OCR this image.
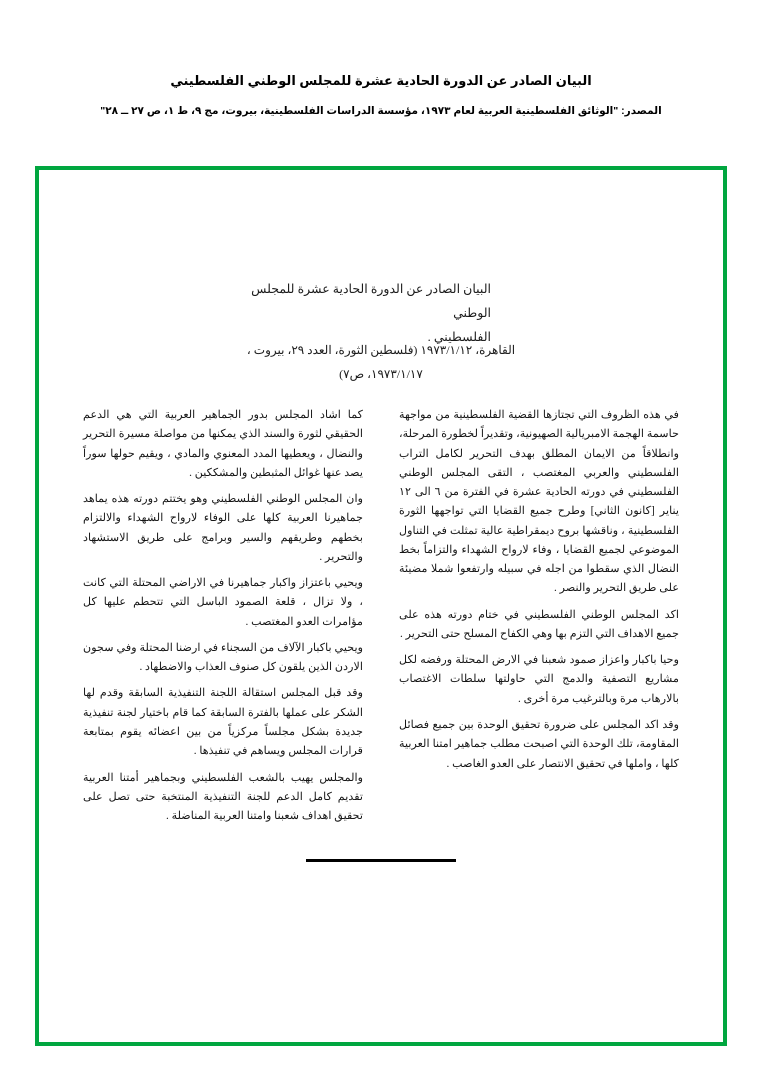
البيان الصادر عن الدورة الحادية عشرة للمجلس الوطني الفلسطيني
المصدر: "الوثائق الفلسطينية العربية لعام ١٩٧٣، مؤسسة الدراسات الفلسطينية، بيروت، مج ٩، ط ١، ص ٢٧ ــ ٢٨"
البيان الصادر عن الدورة الحادية عشرة للمجلس الوطني
الفلسطيني .
القاهرة، ١٩٧٣/١/١٢ (فلسطين الثورة، العدد ٢٩، بيروت ،
١٩٧٣/١/١٧، ص٧)

في هذه الظروف التي تجتازها القضية الفلسطينية من مواجهة حاسمة الهجمة الامبريالية الصهيونية، وتقديراً لخطورة المرحلة، وانطلاقاً من الايمان المطلق بهدف التحرير لكامل التراب الفلسطيني والعربي المغتصب ، التقى المجلس الوطني الفلسطيني في دورته الحادية عشرة في الفترة من ٦ الى ١٢ يناير [كانون الثاني] وطرح جميع القضايا التي تواجهها الثورة الفلسطينية ، وناقشها بروح ديمقراطية عالية تمثلت في التناول الموضوعي لجميع القضايا ، وفاء لارواح الشهداء والتزاماً بخط النضال الذي سقطوا من اجله في سبيله وارتفعوا شملا مضيئة على طريق التحرير والنصر .

اكد المجلس الوطني الفلسطيني في ختام دورته هذه على جميع الاهداف التي التزم بها وهي الكفاح المسلح حتى التحرير .

وحيا باكبار واعزاز صمود شعبنا في الارض المحتلة ورفضه لكل مشاريع التصفية والدمج التي حاولتها سلطات الاغتصاب بالارهاب مرة وبالترغيب مرة أخرى .

وقد اكد المجلس على ضرورة تحقيق الوحدة بين جميع فصائل المقاومة، تلك الوحدة التي اصبحت مطلب جماهير امتنا العربية كلها ، واملها في تحقيق الانتصار على العدو الغاصب .

كما اشاد المجلس بدور الجماهير العربية التي هي الدعم الحقيقي لثورة والسند الذي يمكنها من مواصلة مسيرة التحرير والنضال ، ويعطيها المدد المعنوي والمادي ، ويقيم حولها سوراً يصد عنها غوائل المثبطين والمشككين .

وان المجلس الوطني الفلسطيني وهو يختتم دورته هذه يماهد جماهيرنا العربية كلها على الوفاء لارواح الشهداء والالتزام بخطهم وطريقهم والسير وبرامج على طريق الاستشهاد والتحرير .

ويحيي باعتزاز واكبار جماهيرنا في الاراضي المحتلة التي كانت ، ولا تزال ، قلعة الصمود الباسل التي تتحطم عليها كل مؤامرات العدو المغتصب .

ويحيي باكبار الآلاف من السجناء في ارضنا المحتلة وفي سجون الاردن الذين يلقون كل صنوف العذاب والاضطهاد .

وقد قبل المجلس استقالة اللجنة التنفيذية السابقة وقدم لها الشكر على عملها بالفترة السابقة كما قام باختيار لجنة تنفيذية جديدة بشكل مجلساً مركزياً من بين اعضائه يقوم بمتابعة قرارات المجلس ويساهم في تنفيذها .

والمجلس يهيب بالشعب الفلسطيني وبجماهير أمتنا العربية تقديم كامل الدعم للجنة التنفيذية المنتخبة حتى تصل على تحقيق اهداف شعبنا وامتنا العربية المناضلة .
